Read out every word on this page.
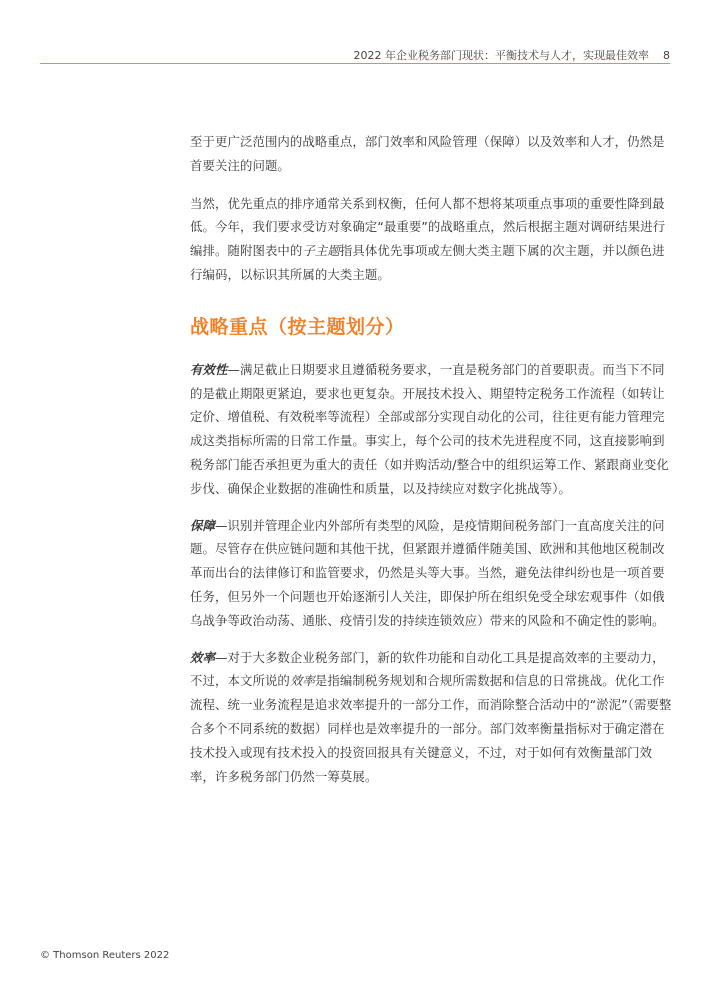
2022 年企业税务部门现状：平衡技术与人才，实现最佳效率 8

至于更广泛范围内的战略重点，部门效率和风险管理（保障）以及效率和人才，仍然是首要关注的问题。

当然，优先重点的排序通常关系到权衡，任何人都不想将某项重点事项的重要性降到最低。今年，我们要求受访对象确定“最重要”的战略重点，然后根据主题对调研结果进行编排。随附图表中的子主题指具体优先事项或左侧大类主题下属的次主题，并以颜色进行编码，以标识其所属的大类主题。

战略重点（按主题划分）

有效性—满足截止日期要求且遵循税务要求，一直是税务部门的首要职责。而当下不同的是截止期限更紧迫，要求也更复杂。开展技术投入、期望特定税务工作流程（如转让定价、增值税、有效税率等流程）全部或部分实现自动化的公司，往往更有能力管理完成这类指标所需的日常工作量。事实上，每个公司的技术先进程度不同，这直接影响到税务部门能否承担更为重大的责任（如并购活动/整合中的组织运筹工作、紧跟商业变化步伐、确保企业数据的准确性和质量，以及持续应对数字化挑战等）。

保障—识别并管理企业内外部所有类型的风险，是疫情期间税务部门一直高度关注的问题。尽管存在供应链问题和其他干扰，但紧跟并遵循伴随美国、欧洲和其他地区税制改革而出台的法律修订和监管要求，仍然是头等大事。当然，避免法律纠纷也是一项首要任务，但另外一个问题也开始逐渐引人关注，即保护所在组织免受全球宏观事件（如俄乌战争等政治动荡、通胀、疫情引发的持续连锁效应）带来的风险和不确定性的影响。

效率—对于大多数企业税务部门，新的软件功能和自动化工具是提高效率的主要动力，不过，本文所说的效率是指编制税务规划和合规所需数据和信息的日常挑战。优化工作流程、统一业务流程是追求效率提升的一部分工作，而消除整合活动中的“淤泥”（需要整合多个不同系统的数据）同样也是效率提升的一部分。部门效率衡量指标对于确定潜在技术投入或现有技术投入的投资回报具有关键意义，不过，对于如何有效衡量部门效率，许多税务部门仍然一筹莫展。

© Thomson Reuters 2022
